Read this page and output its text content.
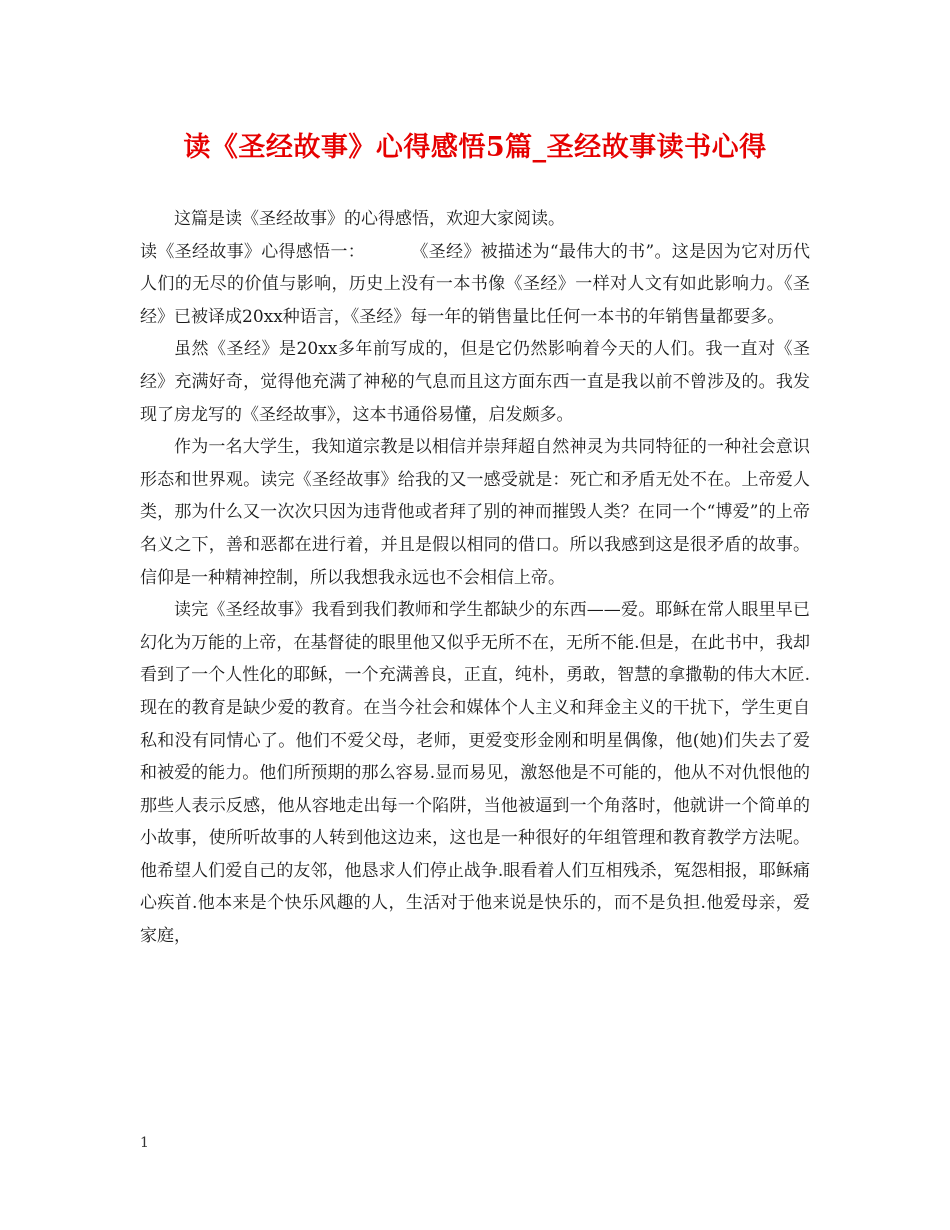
读《圣经故事》心得感悟5篇_圣经故事读书心得

这篇是读《圣经故事》的心得感悟，欢迎大家阅读。

读《圣经故事》心得感悟一：	《圣经》被描述为“最伟大的书”。这是因为它对历代人们的无尽的价值与影响，历史上没有一本书像《圣经》一样对人文有如此影响力。《圣经》已被译成20xx种语言，《圣经》每一年的销售量比任何一本书的年销售量都要多。

虽然《圣经》是20xx多年前写成的，但是它仍然影响着今天的人们。我一直对《圣经》充满好奇，觉得他充满了神秘的气息而且这方面东西一直是我以前不曾涉及的。我发现了房龙写的《圣经故事》，这本书通俗易懂，启发颇多。

作为一名大学生，我知道宗教是以相信并崇拜超自然神灵为共同特征的一种社会意识形态和世界观。读完《圣经故事》给我的又一感受就是：死亡和矛盾无处不在。上帝爱人类，那为什么又一次次只因为违背他或者拜了别的神而摧毁人类？在同一个“博爱”的上帝名义之下，善和恶都在进行着，并且是假以相同的借口。所以我感到这是很矛盾的故事。信仰是一种精神控制，所以我想我永远也不会相信上帝。

读完《圣经故事》我看到我们教师和学生都缺少的东西——爱。耶稣在常人眼里早已幻化为万能的上帝，在基督徒的眼里他又似乎无所不在，无所不能.但是，在此书中，我却看到了一个人性化的耶稣，一个充满善良，正直，纯朴，勇敢，智慧的拿撒勒的伟大木匠.现在的教育是缺少爱的教育。在当今社会和媒体个人主义和拜金主义的干扰下，学生更自私和没有同情心了。他们不爱父母，老师，更爱变形金刚和明星偶像，他(她)们失去了爱和被爱的能力。他们所预期的那么容易.显而易见，激怒他是不可能的，他从不对仇恨他的那些人表示反感，他从容地走出每一个陷阱，当他被逼到一个角落时，他就讲一个简单的小故事，使所听故事的人转到他这边来，这也是一种很好的年组管理和教育教学方法呢。他希望人们爱自己的友邻，他恳求人们停止战争.眼看着人们互相残杀，冤怨相报，耶稣痛心疾首.他本来是个快乐风趣的人，生活对于他来说是快乐的，而不是负担.他爱母亲，爱家庭，

1
